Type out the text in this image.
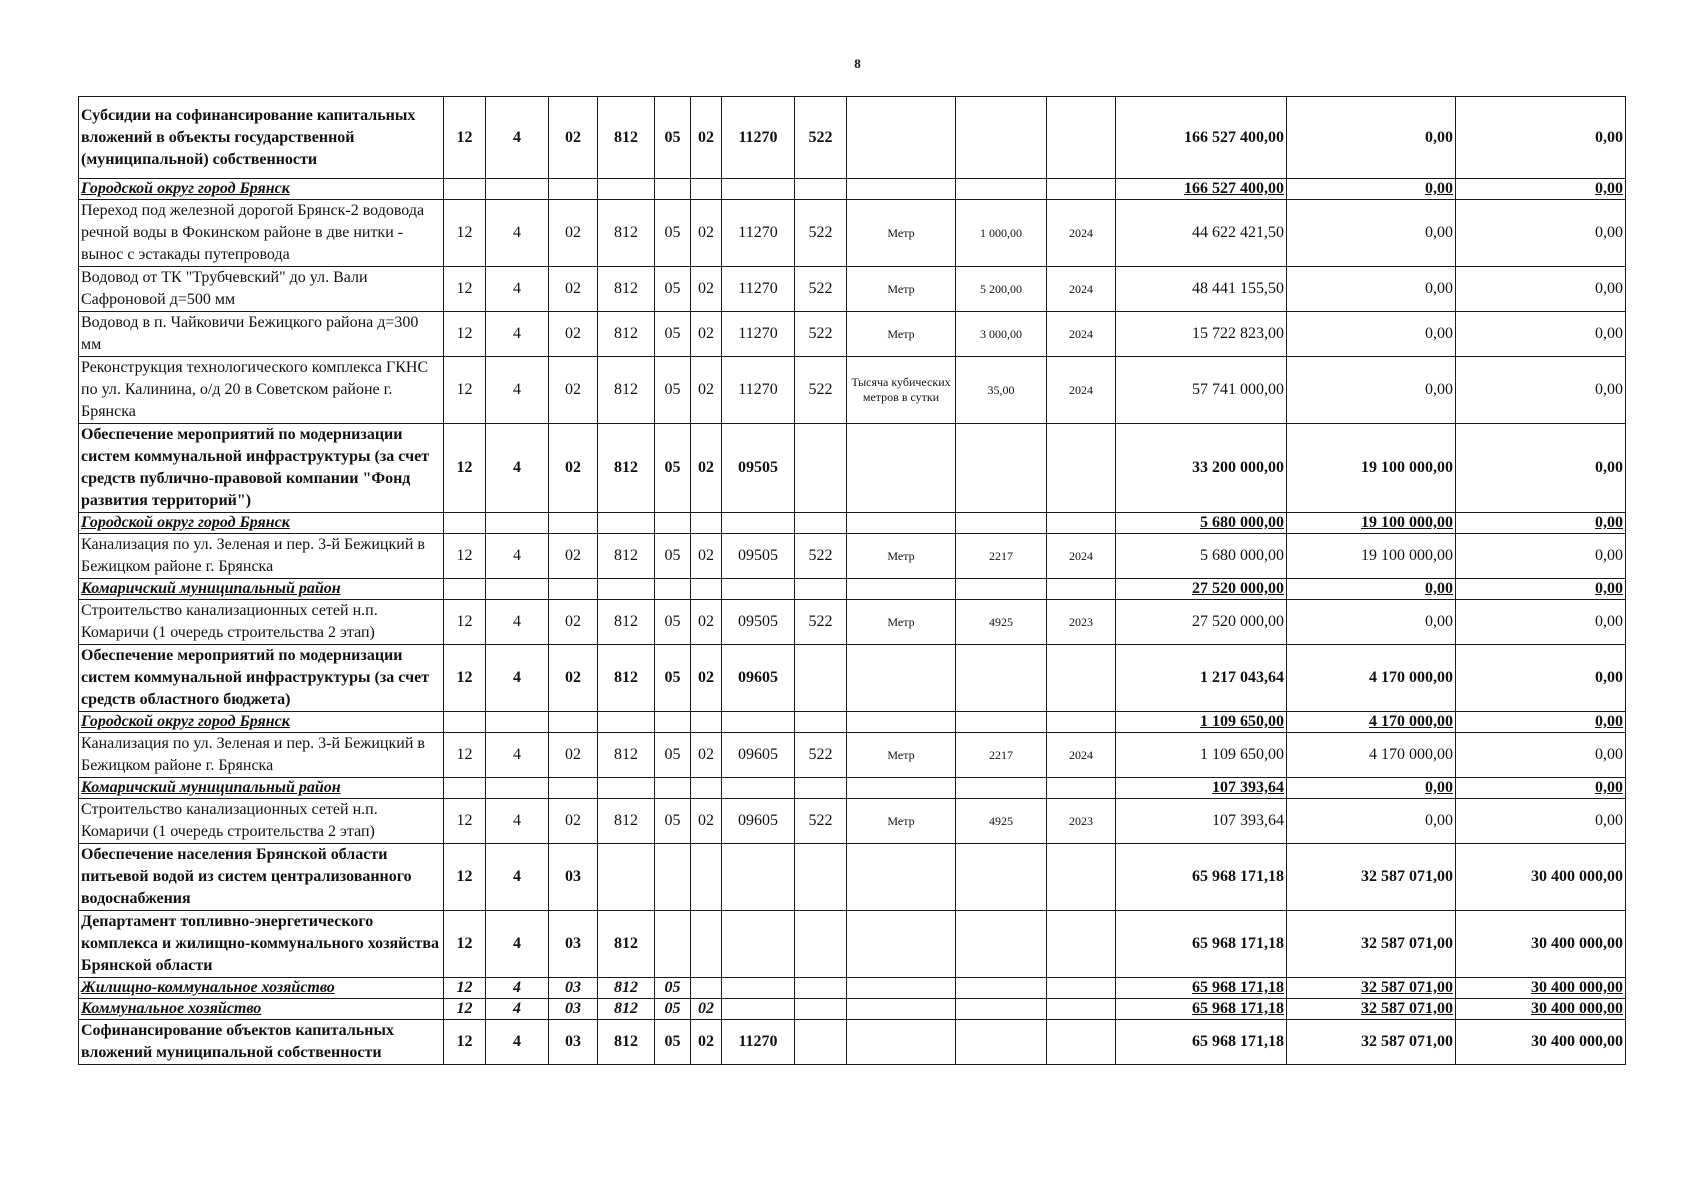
8
Субсидии на софинансирование капитальных вложений в объекты государственной (муниципальной) собственности	12	4	02	812	05	02	11270	522				166 527 400,00	0,00	0,00
Городской округ город Брянск												166 527 400,00	0,00	0,00
Переход под железной дорогой Брянск-2 водовода речной воды в Фокинском районе в две нитки - вынос с эстакады путепровода	12	4	02	812	05	02	11270	522	Метр	1 000,00	2024	44 622 421,50	0,00	0,00
Водовод от ТК "Трубчевский" до ул. Вали Сафроновой д=500 мм	12	4	02	812	05	02	11270	522	Метр	5 200,00	2024	48 441 155,50	0,00	0,00
Водовод в п. Чайковичи Бежицкого района д=300 мм	12	4	02	812	05	02	11270	522	Метр	3 000,00	2024	15 722 823,00	0,00	0,00
Реконструкция технологического комплекса ГКНС по ул. Калинина, о/д 20 в Советском районе г. Брянска	12	4	02	812	05	02	11270	522	Тысяча кубических метров в сутки	35,00	2024	57 741 000,00	0,00	0,00
Обеспечение мероприятий по модернизации систем коммунальной инфраструктуры (за счет средств публично-правовой компании "Фонд развития территорий")	12	4	02	812	05	02	09505					33 200 000,00	19 100 000,00	0,00
Городской округ город Брянск												5 680 000,00	19 100 000,00	0,00
Канализация по ул. Зеленая и пер. 3-й Бежицкий в Бежицком районе г. Брянска	12	4	02	812	05	02	09505	522	Метр	2217	2024	5 680 000,00	19 100 000,00	0,00
Комаричский муниципальный район												27 520 000,00	0,00	0,00
Строительство канализационных сетей н.п. Комаричи (1 очередь строительства 2 этап)	12	4	02	812	05	02	09505	522	Метр	4925	2023	27 520 000,00	0,00	0,00
Обеспечение мероприятий по модернизации систем коммунальной инфраструктуры (за счет средств областного бюджета)	12	4	02	812	05	02	09605					1 217 043,64	4 170 000,00	0,00
Городской округ город Брянск												1 109 650,00	4 170 000,00	0,00
Канализация по ул. Зеленая и пер. 3-й Бежицкий в Бежицком районе г. Брянска	12	4	02	812	05	02	09605	522	Метр	2217	2024	1 109 650,00	4 170 000,00	0,00
Комаричский муниципальный район												107 393,64	0,00	0,00
Строительство канализационных сетей н.п. Комаричи (1 очередь строительства 2 этап)	12	4	02	812	05	02	09605	522	Метр	4925	2023	107 393,64	0,00	0,00
Обеспечение населения Брянской области питьевой водой из систем централизованного водоснабжения	12	4	03									65 968 171,18	32 587 071,00	30 400 000,00
Департамент топливно-энергетического комплекса и жилищно-коммунального хозяйства Брянской области	12	4	03	812								65 968 171,18	32 587 071,00	30 400 000,00
Жилищно-коммунальное хозяйство	12	4	03	812	05							65 968 171,18	32 587 071,00	30 400 000,00
Коммунальное хозяйство	12	4	03	812	05	02						65 968 171,18	32 587 071,00	30 400 000,00
Софинансирование объектов капитальных вложений муниципальной собственности	12	4	03	812	05	02	11270					65 968 171,18	32 587 071,00	30 400 000,00
